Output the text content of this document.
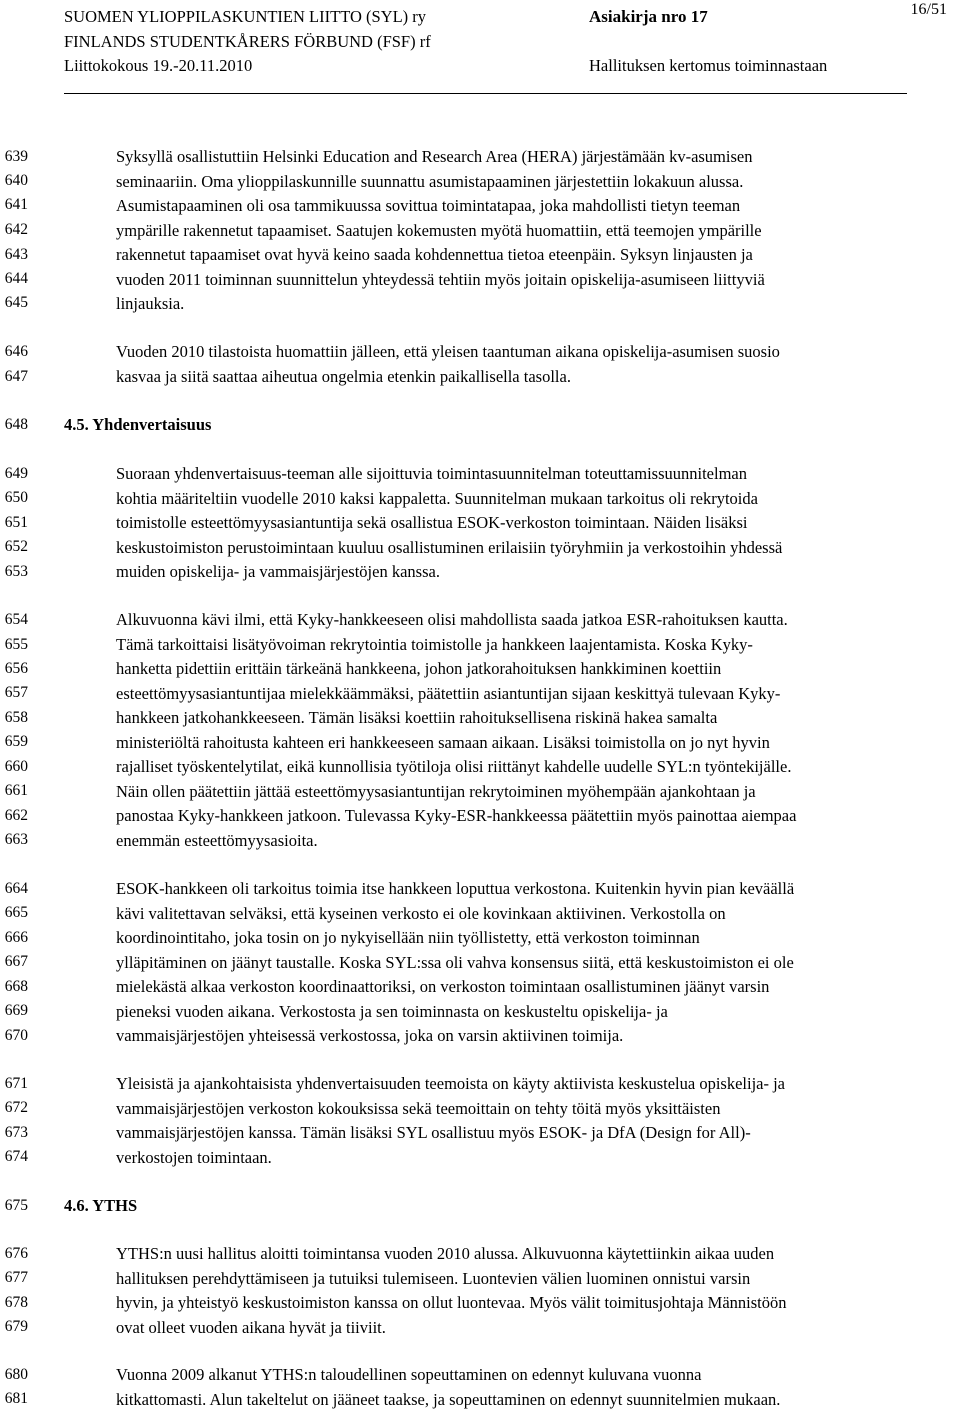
SUOMEN YLIOPPILASKUNTIEN LIITTO (SYL) ry
FINLANDS STUDENTKÅRERS FÖRBUND (FSF) rf
Liittokokous 19.-20.11.2010
Asiakirja nro 17
Hallituksen kertomus toiminnastaan
16/51
639
640
641
642
643
644
645
646
647
648
649
650
651
652
653
654
655
656
657
658
659
660
661
662
663
664
665
666
667
668
669
670
671
672
673
674
675
676
677
678
679
680
681
4.5. Yhdenvertaisuus
4.6. YTHS
Syksyllä osallistuttiin Helsinki Education and Research Area (HERA) järjestämään kv-asumisen
seminaariin. Oma ylioppilaskunnille suunnattu asumistapaaminen järjestettiin lokakuun alussa.
Asumistapaaminen oli osa tammikuussa sovittua toimintatapaa, joka mahdollisti tietyn teeman
ympärille rakennetut tapaamiset. Saatujen kokemusten myötä huomattiin, että teemojen ympärille
rakennetut tapaamiset ovat hyvä keino saada kohdennettua tietoa eteenpäin. Syksyn linjausten ja
vuoden 2011 toiminnan suunnittelun yhteydessä tehtiin myös joitain opiskelija-asumiseen liittyviä
linjauksia.
Vuoden 2010 tilastoista huomattiin jälleen, että yleisen taantuman aikana opiskelija-asumisen suosio
kasvaa ja siitä saattaa aiheutua ongelmia etenkin paikallisella tasolla.
Suoraan yhdenvertaisuus-teeman alle sijoittuvia toimintasuunnitelman toteuttamissuunnitelman
kohtia määriteltiin vuodelle 2010 kaksi kappaletta. Suunnitelman mukaan tarkoitus oli rekrytoida
toimistolle esteettömyysasiantuntija sekä osallistua ESOK-verkoston toimintaan. Näiden lisäksi
keskustoimiston perustoimintaan kuuluu osallistuminen erilaisiin työryhmiin ja verkostoihin yhdessä
muiden opiskelija- ja vammaisjärjestöjen kanssa.
Alkuvuonna kävi ilmi, että Kyky-hankkeeseen olisi mahdollista saada jatkoa ESR-rahoituksen kautta.
Tämä tarkoittaisi lisätyövoiman rekrytointia toimistolle ja hankkeen laajentamista. Koska Kyky-
hanketta pidettiin erittäin tärkeänä hankkeena, johon jatkorahoituksen hankkiminen koettiin
esteettömyysasiantuntijaa mielekkäämmäksi, päätettiin asiantuntijan sijaan keskittyä tulevaan Kyky-
hankkeen jatkohankkeeseen. Tämän lisäksi koettiin rahoituksellisena riskinä hakea samalta
ministeriöltä rahoitusta kahteen eri hankkeeseen samaan aikaan. Lisäksi toimistolla on jo nyt hyvin
rajalliset työskentelytilat, eikä kunnollisia työtiloja olisi riittänyt kahdelle uudelle SYL:n työntekijälle.
Näin ollen päätettiin jättää esteettömyysasiantuntijan rekrytoiminen myöhempään ajankohtaan ja
panostaa Kyky-hankkeen jatkoon. Tulevassa Kyky-ESR-hankkeessa päätettiin myös painottaa aiempaa
enemmän esteettömyysasioita.
ESOK-hankkeen oli tarkoitus toimia itse hankkeen loputtua verkostona. Kuitenkin hyvin pian keväällä
kävi valitettavan selväksi, että kyseinen verkosto ei ole kovinkaan aktiivinen. Verkostolla on
koordinointitaho, joka tosin on jo nykyisellään niin työllistetty, että verkoston toiminnan
ylläpitäminen on jäänyt taustalle. Koska SYL:ssa oli vahva konsensus siitä, että keskustoimiston ei ole
mielekästä alkaa verkoston koordinaattoriksi, on verkoston toimintaan osallistuminen jäänyt varsin
pieneksi vuoden aikana. Verkostosta ja sen toiminnasta on keskusteltu opiskelija- ja
vammaisjärjestöjen yhteisessä verkostossa, joka on varsin aktiivinen toimija.
Yleisistä ja ajankohtaisista yhdenvertaisuuden teemoista on käyty aktiivista keskustelua opiskelija- ja
vammaisjärjestöjen verkoston kokouksissa sekä teemoittain on tehty töitä myös yksittäisten
vammaisjärjestöjen kanssa. Tämän lisäksi SYL osallistuu myös ESOK- ja DfA (Design for All)-
verkostojen toimintaan.
YTHS:n uusi hallitus aloitti toimintansa vuoden 2010 alussa. Alkuvuonna käytettiinkin aikaa uuden
hallituksen perehdyttämiseen ja tutuiksi tulemiseen. Luontevien välien luominen onnistui varsin
hyvin, ja yhteistyö keskustoimiston kanssa on ollut luontevaa. Myös välit toimitusjohtaja Männistöön
ovat olleet vuoden aikana hyvät ja tiiviit.
Vuonna 2009 alkanut YTHS:n taloudellinen sopeuttaminen on edennyt kuluvana vuonna
kitkattomasti. Alun takeltelut on jääneet taakse, ja sopeuttaminen on edennyt suunnitelmien mukaan.
